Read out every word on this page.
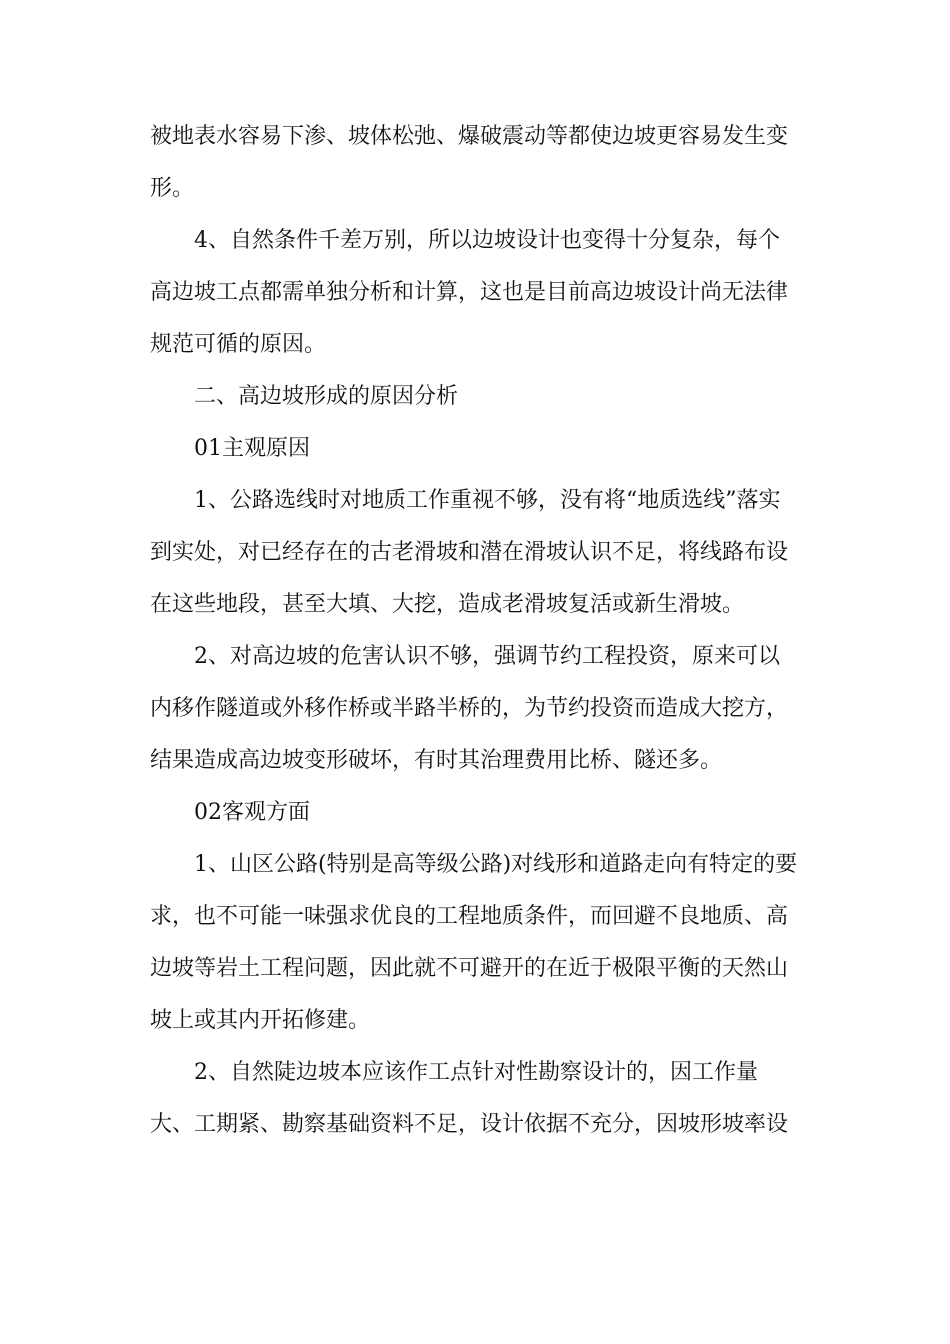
被地表水容易下渗、坡体松弛、爆破震动等都使边坡更容易发生变
形。
4、自然条件千差万别，所以边坡设计也变得十分复杂，每个
高边坡工点都需单独分析和计算，这也是目前高边坡设计尚无法律
规范可循的原因。
二、高边坡形成的原因分析
01主观原因
1、公路选线时对地质工作重视不够，没有将“地质选线”落实
到实处，对已经存在的古老滑坡和潜在滑坡认识不足，将线路布设
在这些地段，甚至大填、大挖，造成老滑坡复活或新生滑坡。
2、对高边坡的危害认识不够，强调节约工程投资，原来可以
内移作隧道或外移作桥或半路半桥的，为节约投资而造成大挖方，
结果造成高边坡变形破坏，有时其治理费用比桥、隧还多。
02客观方面
1、山区公路(特别是高等级公路)对线形和道路走向有特定的要
求，也不可能一味强求优良的工程地质条件，而回避不良地质、高
边坡等岩土工程问题，因此就不可避开的在近于极限平衡的天然山
坡上或其内开拓修建。
2、自然陡边坡本应该作工点针对性勘察设计的，因工作量
大、工期紧、勘察基础资料不足，设计依据不充分，因坡形坡率设
